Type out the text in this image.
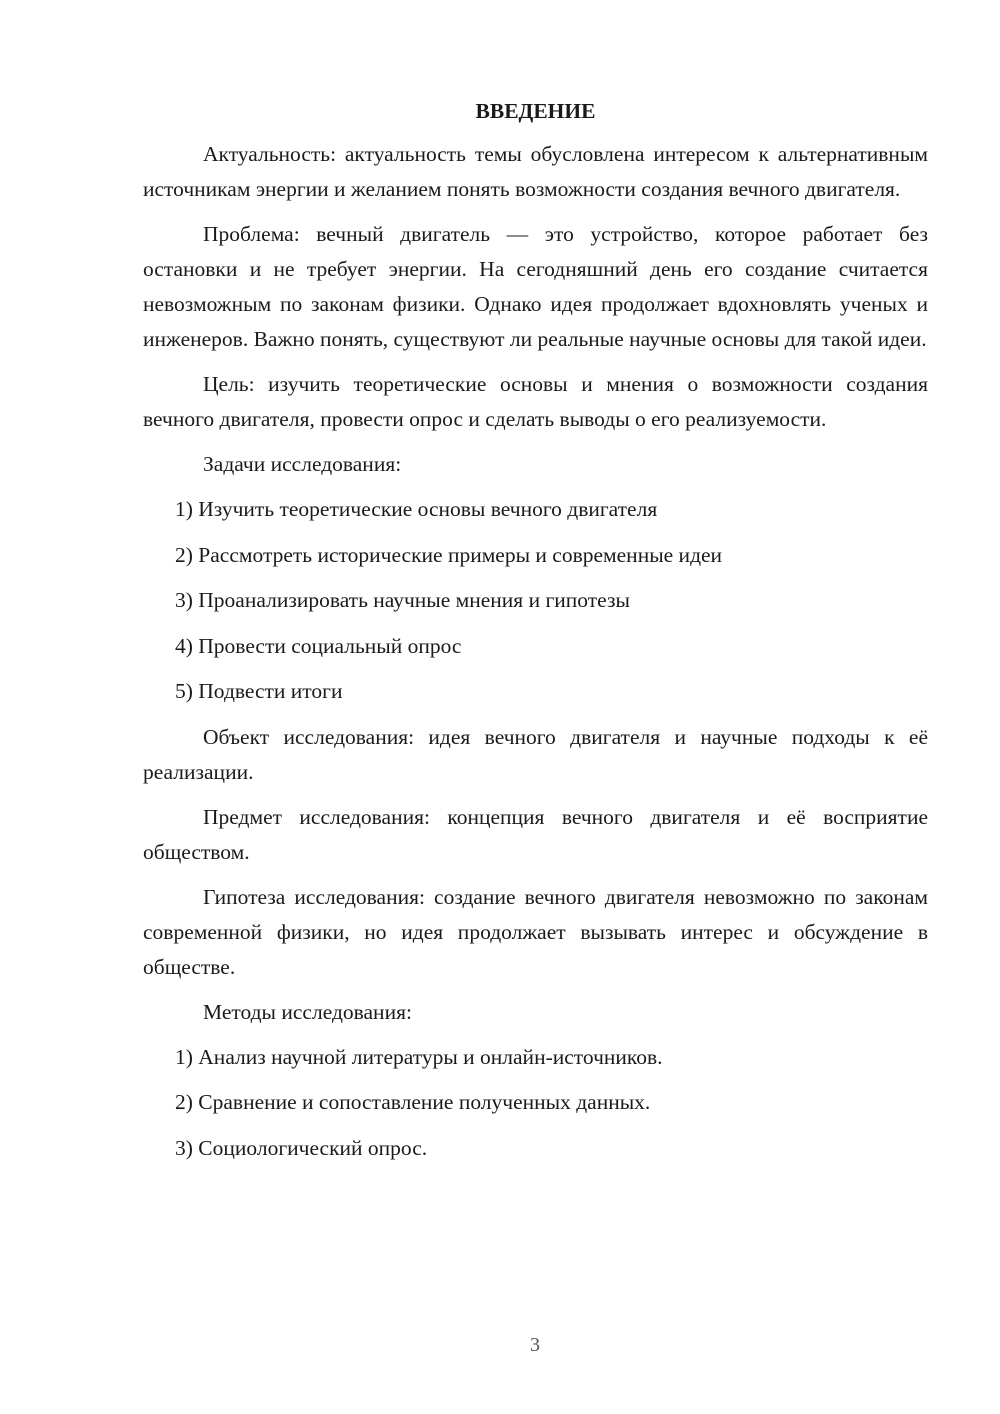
ВВЕДЕНИЕ

Актуальность: актуальность темы обусловлена интересом к альтернативным источникам энергии и желанием понять возможности создания вечного двигателя.

Проблема: вечный двигатель — это устройство, которое работает без остановки и не требует энергии. На сегодняшний день его создание считается невозможным по законам физики. Однако идея продолжает вдохновлять ученых и инженеров. Важно понять, существуют ли реальные научные основы для такой идеи.

Цель: изучить теоретические основы и мнения о возможности создания вечного двигателя, провести опрос и сделать выводы о его реализуемости.

Задачи исследования:

1) Изучить теоретические основы вечного двигателя
2) Рассмотреть исторические примеры и современные идеи
3) Проанализировать научные мнения и гипотезы
4) Провести социальный опрос
5) Подвести итоги

Объект исследования: идея вечного двигателя и научные подходы к её реализации.

Предмет исследования: концепция вечного двигателя и её восприятие обществом.

Гипотеза исследования: создание вечного двигателя невозможно по законам современной физики, но идея продолжает вызывать интерес и обсуждение в обществе.

Методы исследования:

1) Анализ научной литературы и онлайн-источников.
2) Сравнение и сопоставление полученных данных.
3) Социологический опрос.
3
